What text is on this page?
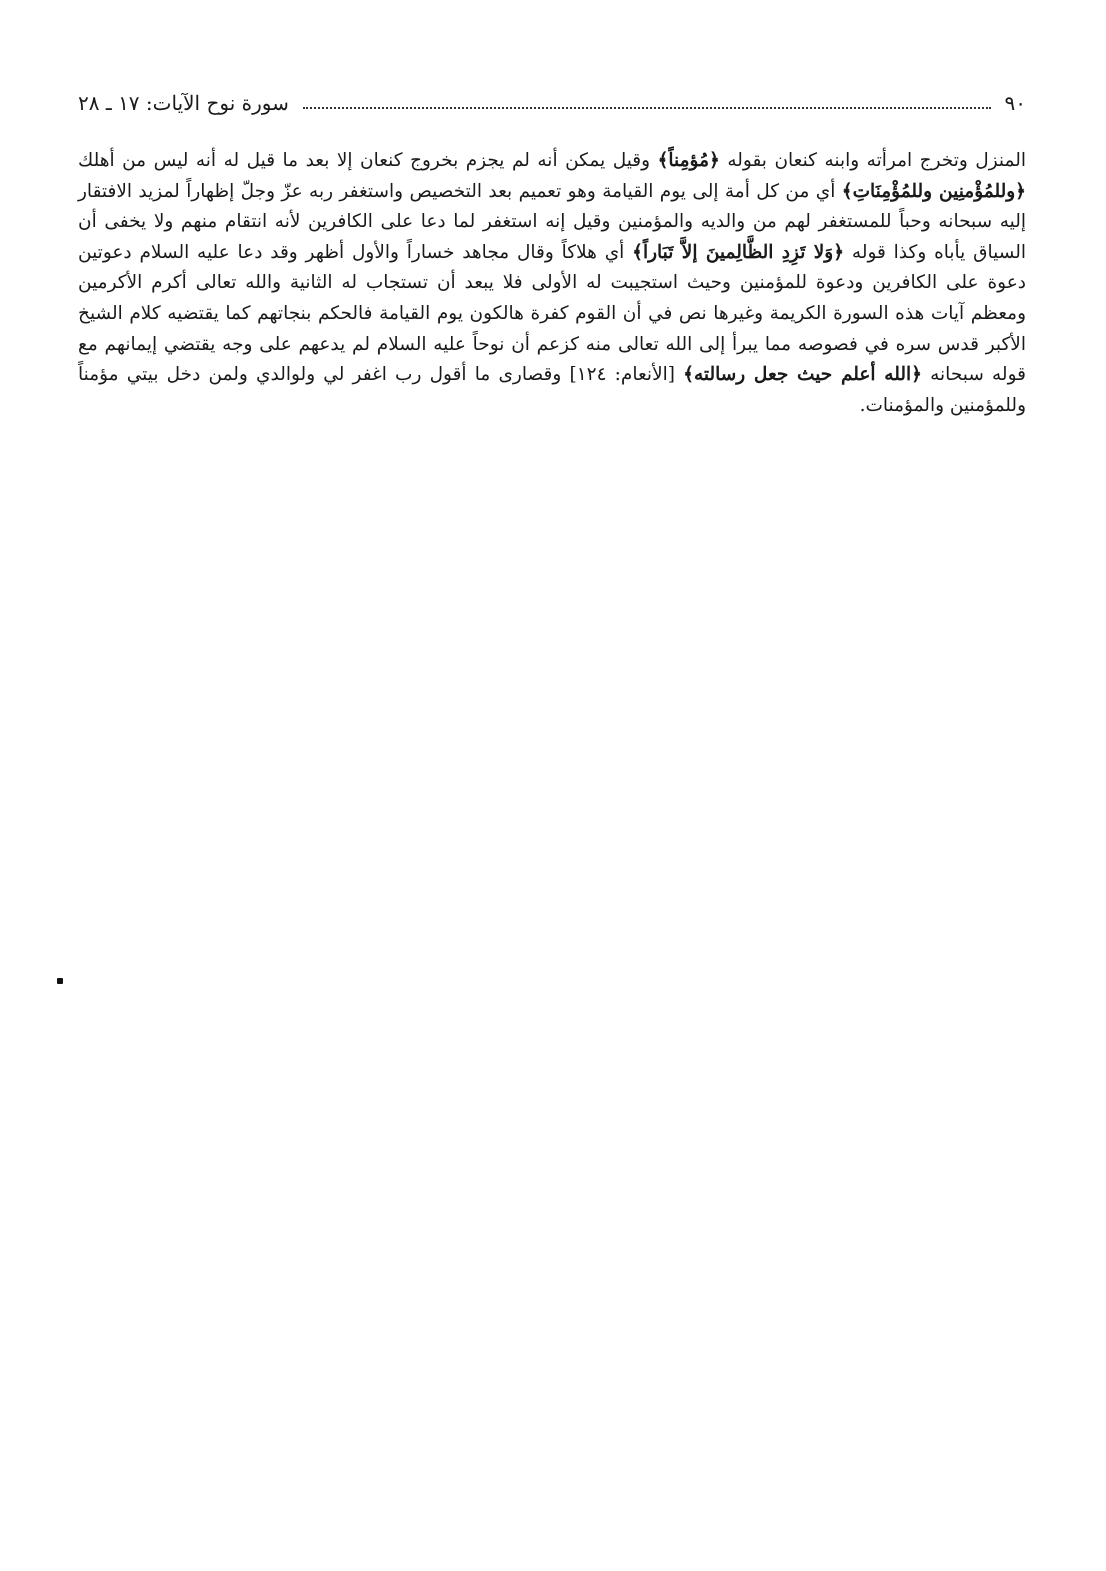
٩٠
سورة نوح الآيات: ١٧ ـ ٢٨

المنزل وتخرج امرأته وابنه كنعان بقوله ﴿مُؤمِناً﴾ وقيل يمكن أنه لم يجزم بخروج كنعان إلا بعد ما قيل له أنه ليس من أهلك ﴿وللمُؤْمنِين وللمُؤْمِنَاتِ﴾ أي من كل أمة إلى يوم القيامة وهو تعميم بعد التخصيص واستغفر ربه عزّ وجلّ إظهاراً لمزيد الافتقار إليه سبحانه وحباً للمستغفر لهم من والديه والمؤمنين وقيل إنه استغفر لما دعا على الكافرين لأنه انتقام منهم ولا يخفى أن السياق يأباه وكذا قوله ﴿وَلا تَزِدِ الظَّالِمينَ إلاَّ تَبَاراً﴾ أي هلاكاً وقال مجاهد خساراً والأول أظهر وقد دعا عليه السلام دعوتين دعوة على الكافرين ودعوة للمؤمنين وحيث استجيبت له الأولى فلا يبعد أن تستجاب له الثانية والله تعالى أكرم الأكرمين ومعظم آيات هذه السورة الكريمة وغيرها نص في أن القوم كفرة هالكون يوم القيامة فالحكم بنجاتهم كما يقتضيه كلام الشيخ الأكبر قدس سره في فصوصه مما يبرأ إلى الله تعالى منه كزعم أن نوحاً عليه السلام لم يدعهم على وجه يقتضي إيمانهم مع قوله سبحانه ﴿الله أعلم حيث جعل رسالته﴾ [الأنعام: ١٢٤] وقصارى ما أقول رب اغفر لي ولوالدي ولمن دخل بيتي مؤمناً وللمؤمنين والمؤمنات.
